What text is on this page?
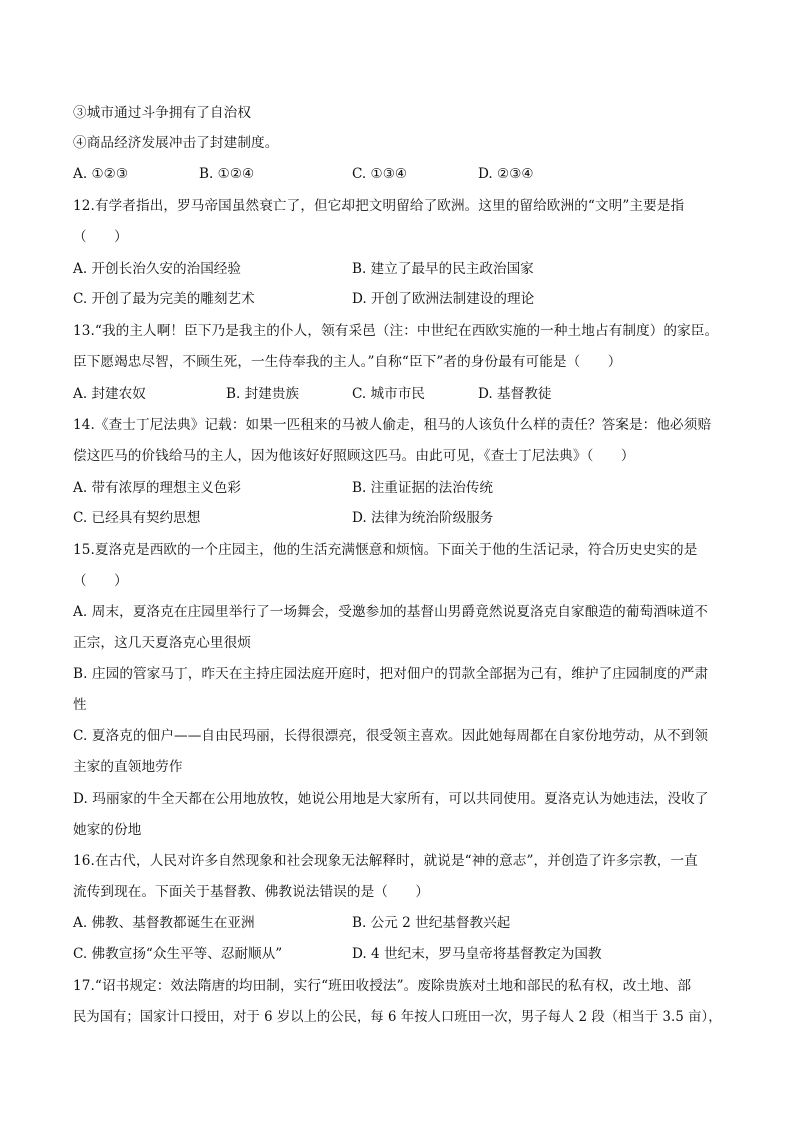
③城市通过斗争拥有了自治权
④商品经济发展冲击了封建制度。
A. ①②③	B. ①②④	C. ①③④	D. ②③④
12.有学者指出，罗马帝国虽然衰亡了，但它却把文明留给了欧洲。这里的留给欧洲的“文明”主要是指
（　　）
A. 开创长治久安的治国经验	B. 建立了最早的民主政治国家
C. 开创了最为完美的雕刻艺术	D. 开创了欧洲法制建设的理论
13.“我的主人啊！臣下乃是我主的仆人，领有采邑（注：中世纪在西欧实施的一种土地占有制度）的家臣。
臣下愿竭忠尽智，不顾生死，一生侍奉我的主人。”自称“臣下”者的身份最有可能是（　　）
A. 封建农奴	B. 封建贵族	C. 城市市民	D. 基督教徒
14.《查士丁尼法典》记载：如果一匹租来的马被人偷走，租马的人该负什么样的责任？答案是：他必须赔
偿这匹马的价钱给马的主人，因为他该好好照顾这匹马。由此可见，《查士丁尼法典》（　　）
A. 带有浓厚的理想主义色彩	B. 注重证据的法治传统
C. 已经具有契约思想	D. 法律为统治阶级服务
15.夏洛克是西欧的一个庄园主，他的生活充满惬意和烦恼。下面关于他的生活记录，符合历史史实的是
（　　）
A. 周末，夏洛克在庄园里举行了一场舞会，受邀参加的基督山男爵竟然说夏洛克自家酿造的葡萄酒味道不
正宗，这几天夏洛克心里很烦
B. 庄园的管家马丁，昨天在主持庄园法庭开庭时，把对佃户的罚款全部据为己有，维护了庄园制度的严肃
性
C. 夏洛克的佃户——自由民玛丽，长得很漂亮，很受领主喜欢。因此她每周都在自家份地劳动，从不到领
主家的直领地劳作
D. 玛丽家的牛全天都在公用地放牧，她说公用地是大家所有，可以共同使用。夏洛克认为她违法，没收了
她家的份地
16.在古代，人民对许多自然现象和社会现象无法解释时，就说是“神的意志”，并创造了许多宗教，一直
流传到现在。下面关于基督教、佛教说法错误的是（　　）
A. 佛教、基督教都诞生在亚洲	B. 公元 2 世纪基督教兴起
C. 佛教宣扬“众生平等、忍耐顺从”	D. 4 世纪末，罗马皇帝将基督教定为国教
17.“诏书规定：效法隋唐的均田制，实行“班田收授法”。废除贵族对土地和部民的私有权，改土地、部
民为国有；国家计口授田，对于 6 岁以上的公民，每 6 年按人口班田一次，男子每人 2 段（相当于 3.5 亩），
